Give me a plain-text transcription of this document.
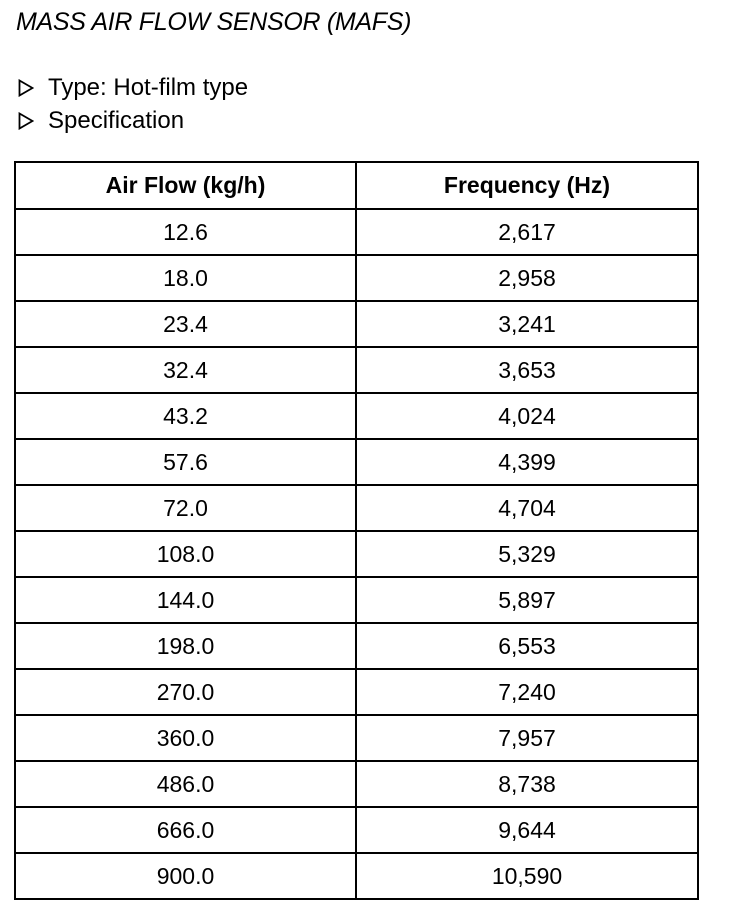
MASS AIR FLOW SENSOR (MAFS)
Type: Hot-film type
Specification
Air Flow (kg/h)	Frequency (Hz)
12.6	2,617
18.0	2,958
23.4	3,241
32.4	3,653
43.2	4,024
57.6	4,399
72.0	4,704
108.0	5,329
144.0	5,897
198.0	6,553
270.0	7,240
360.0	7,957
486.0	8,738
666.0	9,644
900.0	10,590
